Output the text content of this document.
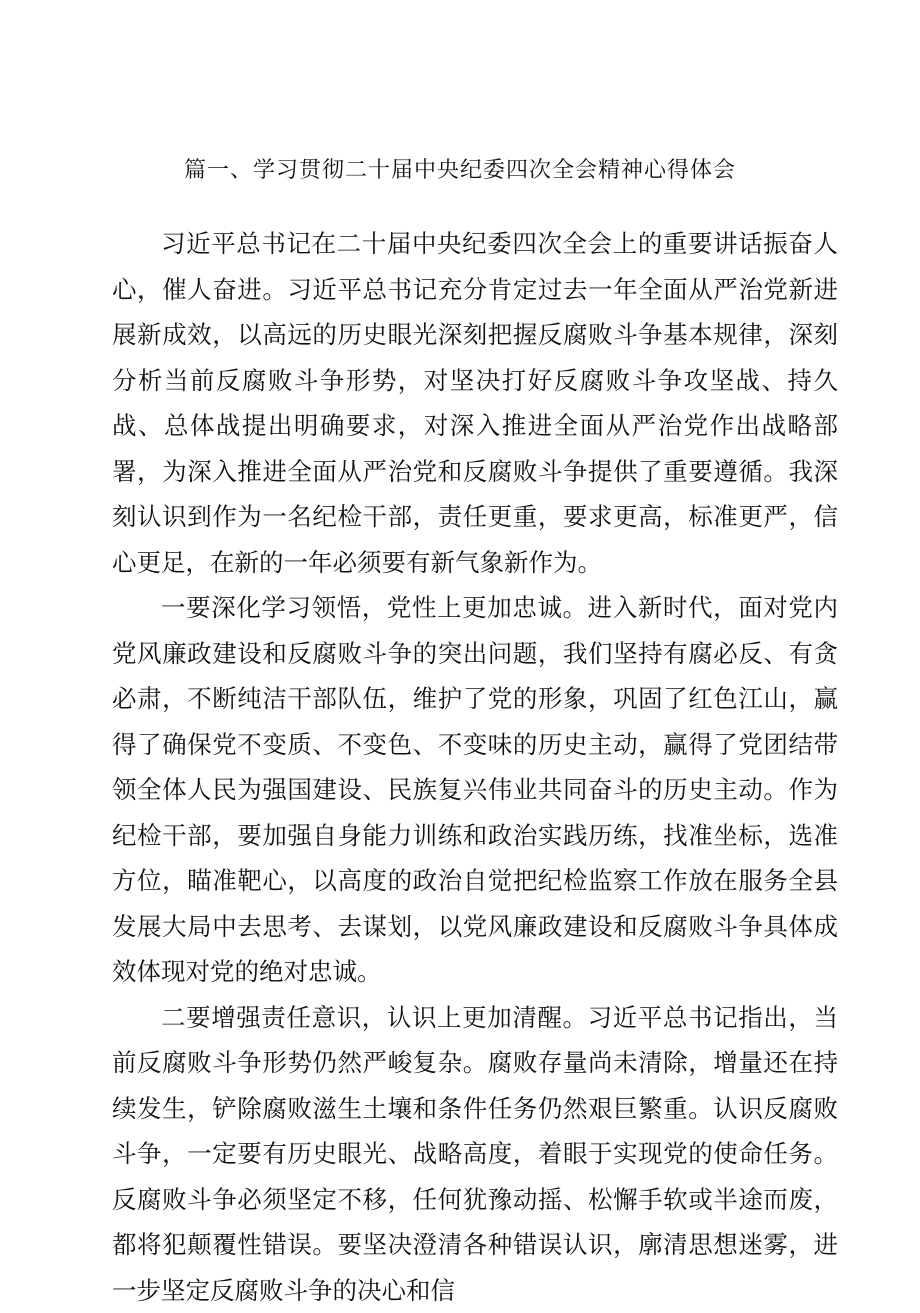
篇一、学习贯彻二十届中央纪委四次全会精神心得体会

习近平总书记在二十届中央纪委四次全会上的重要讲话振奋人心，催人奋进。习近平总书记充分肯定过去一年全面从严治党新进展新成效，以高远的历史眼光深刻把握反腐败斗争基本规律，深刻分析当前反腐败斗争形势，对坚决打好反腐败斗争攻坚战、持久战、总体战提出明确要求，对深入推进全面从严治党作出战略部署，为深入推进全面从严治党和反腐败斗争提供了重要遵循。我深刻认识到作为一名纪检干部，责任更重，要求更高，标准更严，信心更足，在新的一年必须要有新气象新作为。

一要深化学习领悟，党性上更加忠诚。进入新时代，面对党内党风廉政建设和反腐败斗争的突出问题，我们坚持有腐必反、有贪必肃，不断纯洁干部队伍，维护了党的形象，巩固了红色江山，赢得了确保党不变质、不变色、不变味的历史主动，赢得了党团结带领全体人民为强国建设、民族复兴伟业共同奋斗的历史主动。作为纪检干部，要加强自身能力训练和政治实践历练，找准坐标，选准方位，瞄准靶心，以高度的政治自觉把纪检监察工作放在服务全县发展大局中去思考、去谋划，以党风廉政建设和反腐败斗争具体成效体现对党的绝对忠诚。

二要增强责任意识，认识上更加清醒。习近平总书记指出，当前反腐败斗争形势仍然严峻复杂。腐败存量尚未清除，增量还在持续发生，铲除腐败滋生土壤和条件任务仍然艰巨繁重。认识反腐败斗争，一定要有历史眼光、战略高度，着眼于实现党的使命任务。反腐败斗争必须坚定不移，任何犹豫动摇、松懈手软或半途而废，都将犯颠覆性错误。要坚决澄清各种错误认识，廓清思想迷雾，进一步坚定反腐败斗争的决心和信
